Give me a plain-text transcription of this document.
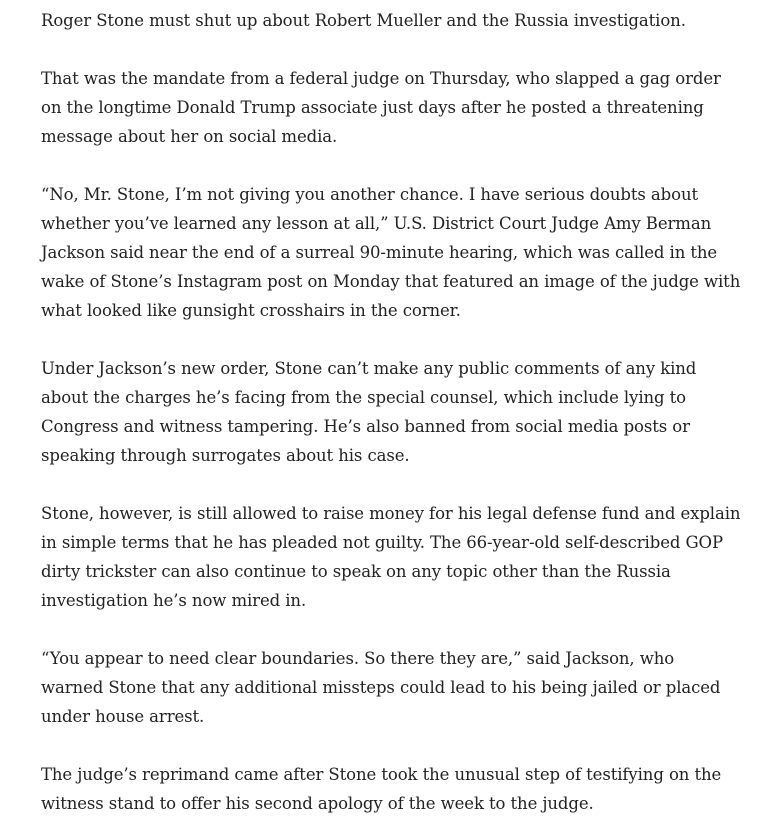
Roger Stone must shut up about Robert Mueller and the Russia investigation.

That was the mandate from a federal judge on Thursday, who slapped a gag order on the longtime Donald Trump associate just days after he posted a threatening message about her on social media.

“No, Mr. Stone, I’m not giving you another chance. I have serious doubts about whether you’ve learned any lesson at all,” U.S. District Court Judge Amy Berman Jackson said near the end of a surreal 90-minute hearing, which was called in the wake of Stone’s Instagram post on Monday that featured an image of the judge with what looked like gunsight crosshairs in the corner.

Under Jackson’s new order, Stone can’t make any public comments of any kind about the charges he’s facing from the special counsel, which include lying to Congress and witness tampering. He’s also banned from social media posts or speaking through surrogates about his case.

Stone, however, is still allowed to raise money for his legal defense fund and explain in simple terms that he has pleaded not guilty. The 66-year-old self-described GOP dirty trickster can also continue to speak on any topic other than the Russia investigation he’s now mired in.

“You appear to need clear boundaries. So there they are,” said Jackson, who warned Stone that any additional missteps could lead to his being jailed or placed under house arrest.

The judge’s reprimand came after Stone took the unusual step of testifying on the witness stand to offer his second apology of the week to the judge.
